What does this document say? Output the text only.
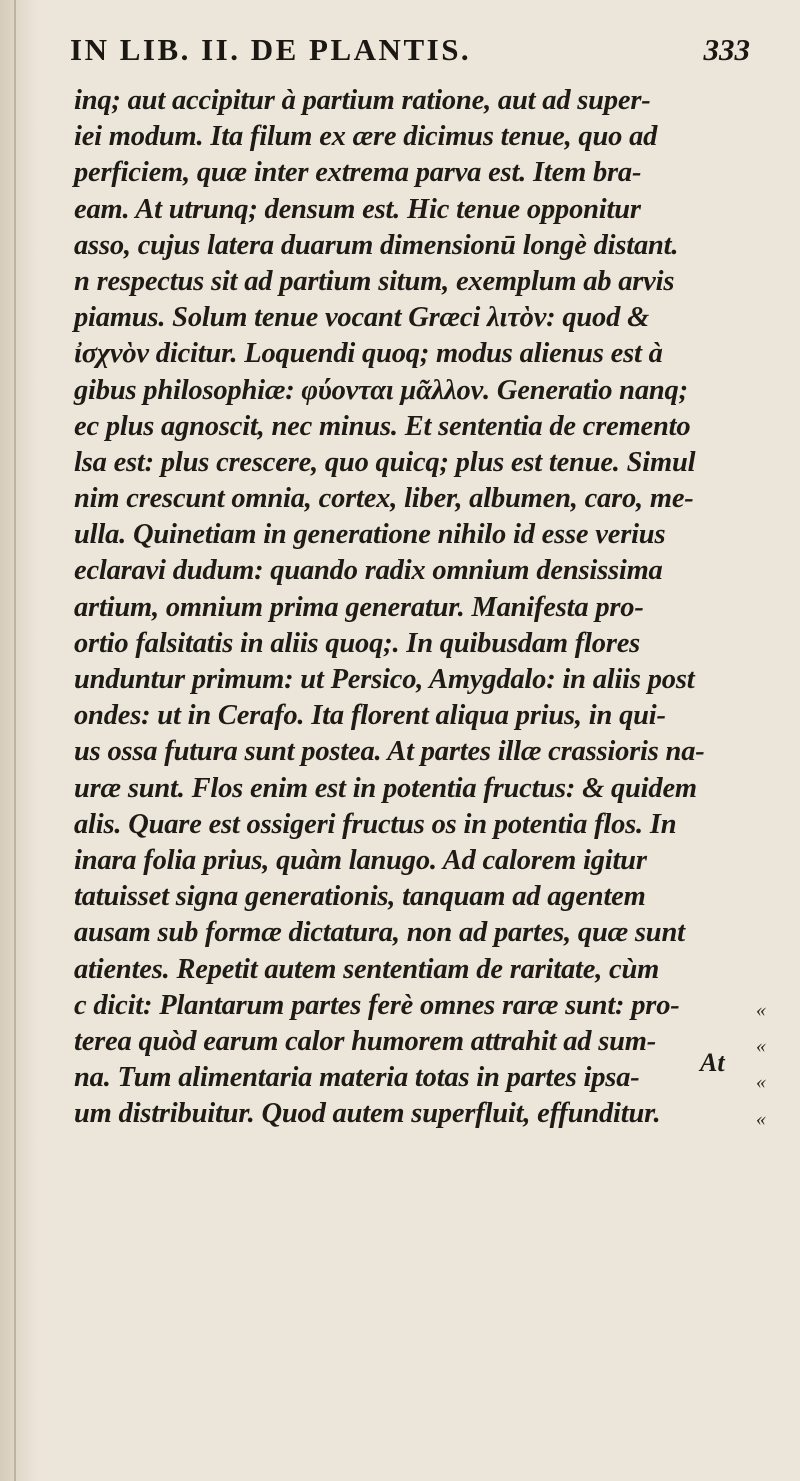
IN LIB. II. DE PLANTIS.	333
inq; aut accipitur à partium ratione, aut ad super-
iei modum. Ita filum ex ære dicimus tenue, quo ad
perficiem, quæ inter extrema parva est. Item bra-
eam. At utrunq; densum est. Hic tenue opponitur
asso, cujus latera duarum dimensionū longè distant.
n respectus sit ad partium situm, exemplum ab arvis
piamus. Solum tenue vocant Græci λιτὸν: quod &
ἰσχνὸν dicitur. Loquendi quoq; modus alienus est à
gibus philosophiæ: φύονται μᾶλλον. Generatio nanq;
ec plus agnoscit, nec minus. Et sententia de cremento
lsa est: plus crescere, quo quicq; plus est tenue. Simul
nim crescunt omnia, cortex, liber, albumen, caro, me-
ulla. Quinetiam in generatione nihilo id esse verius
eclaravi dudum: quando radix omnium densissima
artium, omnium prima generatur. Manifesta pro-
ortio falsitatis in aliis quoq;. In quibusdam flores
unduntur primum: ut Persico, Amygdalo: in aliis post
ondes: ut in Cerafo. Ita florent aliqua prius, in qui-
us ossa futura sunt postea. At partes illæ crassioris na-
uræ sunt. Flos enim est in potentia fructus: & quidem
alis. Quare est ossigeri fructus os in potentia flos. In
inara folia prius, quàm lanugo. Ad calorem igitur
tatuisset signa generationis, tanquam ad agentem
ausam sub formæ dictatura, non ad partes, quæ sunt
atientes. Repetit autem sententiam de raritate, cùm
c dicit: Plantarum partes ferè omnes raræ sunt: pro-
terea quòd earum calor humorem attrahit ad sum-
na. Tum alimentaria materia totas in partes ipsa-
um distribuitur. Quod autem superfluit, effunditur.
«
«
«
«
At
